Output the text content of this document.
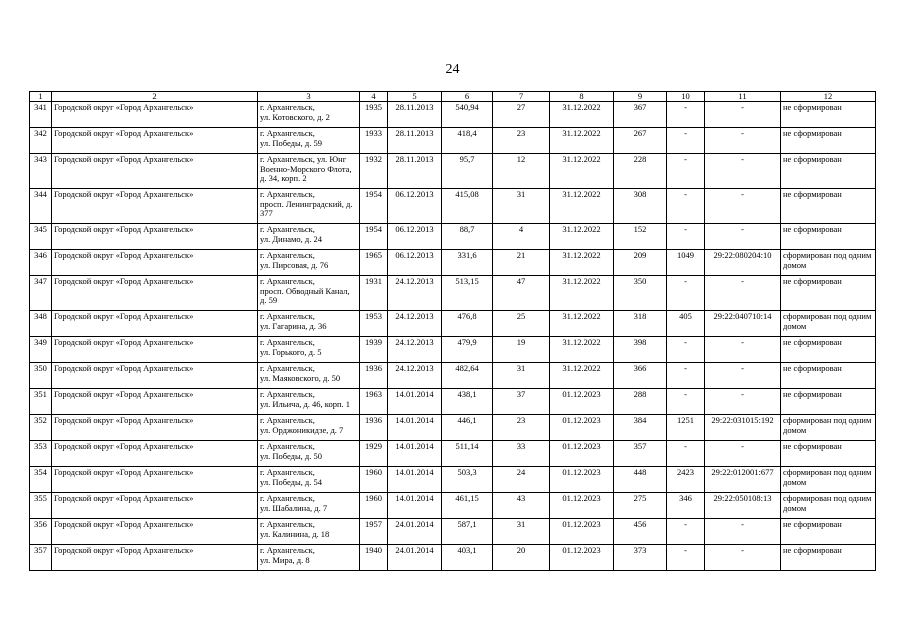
24
1	2	3	4	5	6	7	8	9	10	11	12
341	Городской округ «Город Архангельск»	г. Архангельск,
ул. Котовского, д. 2	1935	28.11.2013	540,94	27	31.12.2022	367	-	-	не сформирован
342	Городской округ «Город Архангельск»	г. Архангельск,
ул. Победы, д. 59	1933	28.11.2013	418,4	23	31.12.2022	267	-	-	не сформирован
343	Городской округ «Город Архангельск»	г. Архангельск, ул. Юнг Военно-Морского Флота, д. 34, корп. 2	1932	28.11.2013	95,7	12	31.12.2022	228	-	-	не сформирован
344	Городской округ «Город Архангельск»	г. Архангельск,
просп. Ленинградский, д. 377	1954	06.12.2013	415,08	31	31.12.2022	308	-	-	не сформирован
345	Городской округ «Город Архангельск»	г. Архангельск,
ул. Динамо, д. 24	1954	06.12.2013	88,7	4	31.12.2022	152	-	-	не сформирован
346	Городской округ «Город Архангельск»	г. Архангельск,
ул. Пирсовая, д. 76	1965	06.12.2013	331,6	21	31.12.2022	209	1049	29:22:080204:10	сформирован под одним домом
347	Городской округ «Город Архангельск»	г. Архангельск,
просп. Обводный Канал, д. 59	1931	24.12.2013	513,15	47	31.12.2022	350	-	-	не сформирован
348	Городской округ «Город Архангельск»	г. Архангельск,
ул. Гагарина, д. 36	1953	24.12.2013	476,8	25	31.12.2022	318	405	29:22:040710:14	сформирован под одним домом
349	Городской округ «Город Архангельск»	г. Архангельск,
ул. Горького, д. 5	1939	24.12.2013	479,9	19	31.12.2022	398	-	-	не сформирован
350	Городской округ «Город Архангельск»	г. Архангельск,
ул. Маяковского, д. 50	1936	24.12.2013	482,64	31	31.12.2022	366	-	-	не сформирован
351	Городской округ «Город Архангельск»	г. Архангельск,
ул. Ильича, д. 46, корп. 1	1963	14.01.2014	438,1	37	01.12.2023	288	-	-	не сформирован
352	Городской округ «Город Архангельск»	г. Архангельск,
ул. Орджоникидзе, д. 7	1936	14.01.2014	446,1	23	01.12.2023	384	1251	29:22:031015:192	сформирован под одним домом
353	Городской округ «Город Архангельск»	г. Архангельск,
ул. Победы, д. 50	1929	14.01.2014	511,14	33	01.12.2023	357	-	-	не сформирован
354	Городской округ «Город Архангельск»	г. Архангельск,
ул. Победы, д. 54	1960	14.01.2014	503,3	24	01.12.2023	448	2423	29:22:012001:677	сформирован под одним домом
355	Городской округ «Город Архангельск»	г. Архангельск,
ул. Шабалина, д. 7	1960	14.01.2014	461,15	43	01.12.2023	275	346	29:22:050108:13	сформирован под одним домом
356	Городской округ «Город Архангельск»	г. Архангельск,
ул. Калинина, д. 18	1957	24.01.2014	587,1	31	01.12.2023	456	-	-	не сформирован
357	Городской округ «Город Архангельск»	г. Архангельск,
ул. Мира, д. 8	1940	24.01.2014	403,1	20	01.12.2023	373	-	-	не сформирован
